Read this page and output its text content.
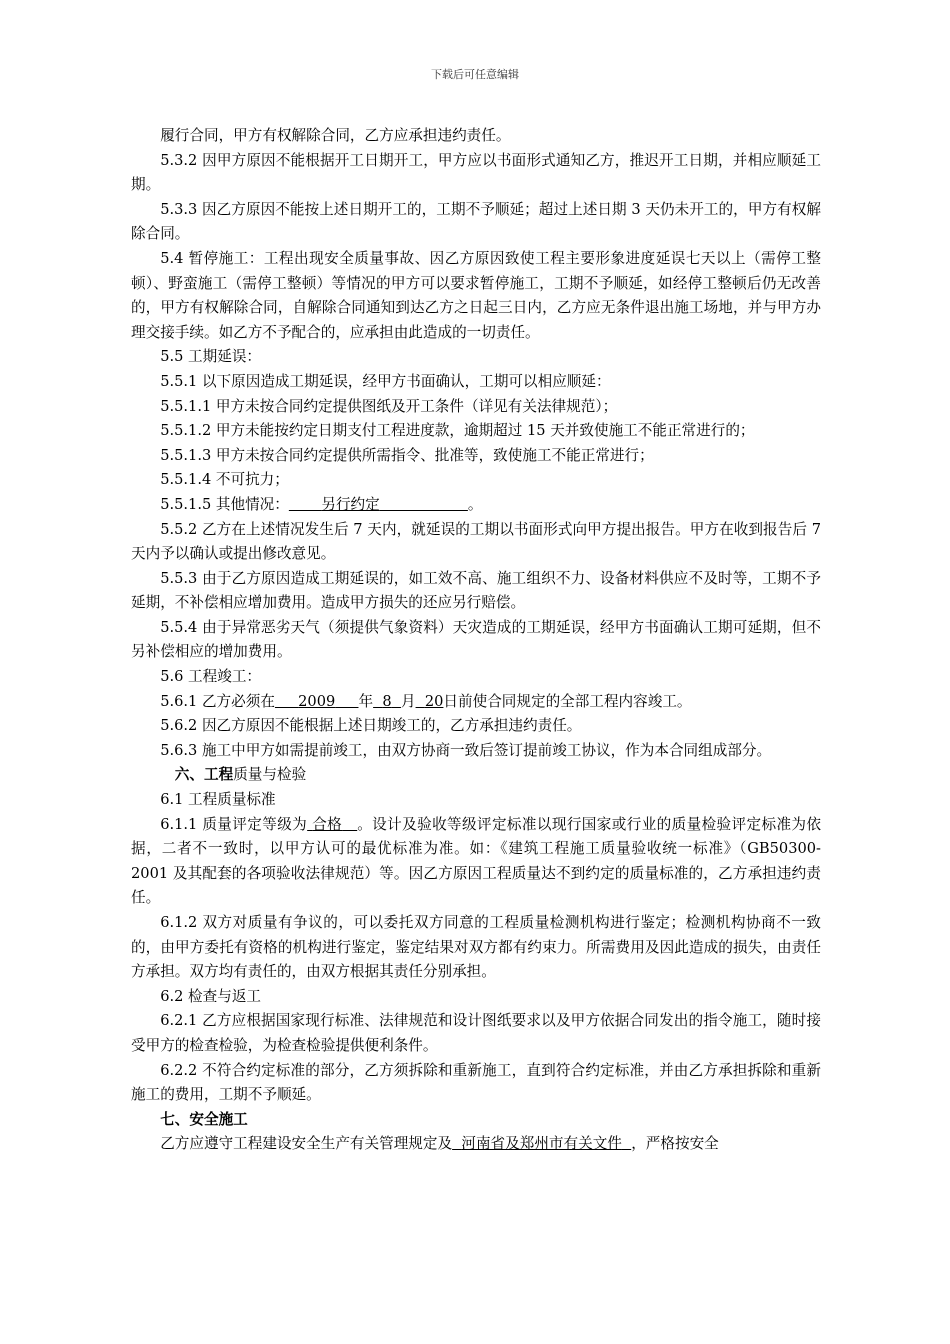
下载后可任意编辑

履行合同，甲方有权解除合同，乙方应承担违约责任。

5.3.2 因甲方原因不能根据开工日期开工，甲方应以书面形式通知乙方，推迟开工日期，并相应顺延工期。

5.3.3 因乙方原因不能按上述日期开工的，工期不予顺延；超过上述日期 3 天仍未开工的，甲方有权解除合同。

5.4 暂停施工：工程出现安全质量事故、因乙方原因致使工程主要形象进度延误七天以上（需停工整顿）、野蛮施工（需停工整顿）等情况的甲方可以要求暂停施工，工期不予顺延，如经停工整顿后仍无改善的，甲方有权解除合同，自解除合同通知到达乙方之日起三日内，乙方应无条件退出施工场地，并与甲方办理交接手续。如乙方不予配合的，应承担由此造成的一切责任。

5.5 工期延误：

5.5.1 以下原因造成工期延误，经甲方书面确认，工期可以相应顺延：

5.5.1.1 甲方未按合同约定提供图纸及开工条件（详见有关法律规范）；

5.5.1.2 甲方未能按约定日期支付工程进度款，逾期超过 15 天并致使施工不能正常进行的；

5.5.1.3 甲方未按合同约定提供所需指令、批准等，致使施工不能正常进行；

5.5.1.4 不可抗力；

5.5.1.5 其他情况： 另行约定	。

5.5.2 乙方在上述情况发生后 7 天内，就延误的工期以书面形式向甲方提出报告。甲方在收到报告后 7 天内予以确认或提出修改意见。

5.5.3 由于乙方原因造成工期延误的，如工效不高、施工组织不力、设备材料供应不及时等，工期不予延期，不补偿相应增加费用。造成甲方损失的还应另行赔偿。

5.5.4 由于异常恶劣天气（须提供气象资料）天灾造成的工期延误，经甲方书面确认工期可延期，但不另补偿相应的增加费用。

5.6 工程竣工：

5.6.1 乙方必须在 2009 年 8 月 20日前使合同规定的全部工程内容竣工。

5.6.2 因乙方原因不能根据上述日期竣工的，乙方承担违约责任。

5.6.3 施工中甲方如需提前竣工，由双方协商一致后签订提前竣工协议，作为本合同组成部分。

六、工程质量与检验

6.1 工程质量标准

6.1.1 质量评定等级为 合格 。设计及验收等级评定标准以现行国家或行业的质量检验评定标准为依据，二者不一致时，以甲方认可的最优标准为准。如：《建筑工程施工质量验收统一标准》（GB50300-2001 及其配套的各项验收法律规范）等。因乙方原因工程质量达不到约定的质量标准的，乙方承担违约责任。

6.1.2 双方对质量有争议的，可以委托双方同意的工程质量检测机构进行鉴定；检测机构协商不一致的，由甲方委托有资格的机构进行鉴定，鉴定结果对双方都有约束力。所需费用及因此造成的损失，由责任方承担。双方均有责任的，由双方根据其责任分别承担。

6.2 检查与返工

6.2.1 乙方应根据国家现行标准、法律规范和设计图纸要求以及甲方依据合同发出的指令施工，随时接受甲方的检查检验，为检查检验提供便利条件。

6.2.2 不符合约定标准的部分，乙方须拆除和重新施工，直到符合约定标准，并由乙方承担拆除和重新施工的费用，工期不予顺延。

七、安全施工

乙方应遵守工程建设安全生产有关管理规定及 河南省及郑州市有关文件 ，严格按安全
